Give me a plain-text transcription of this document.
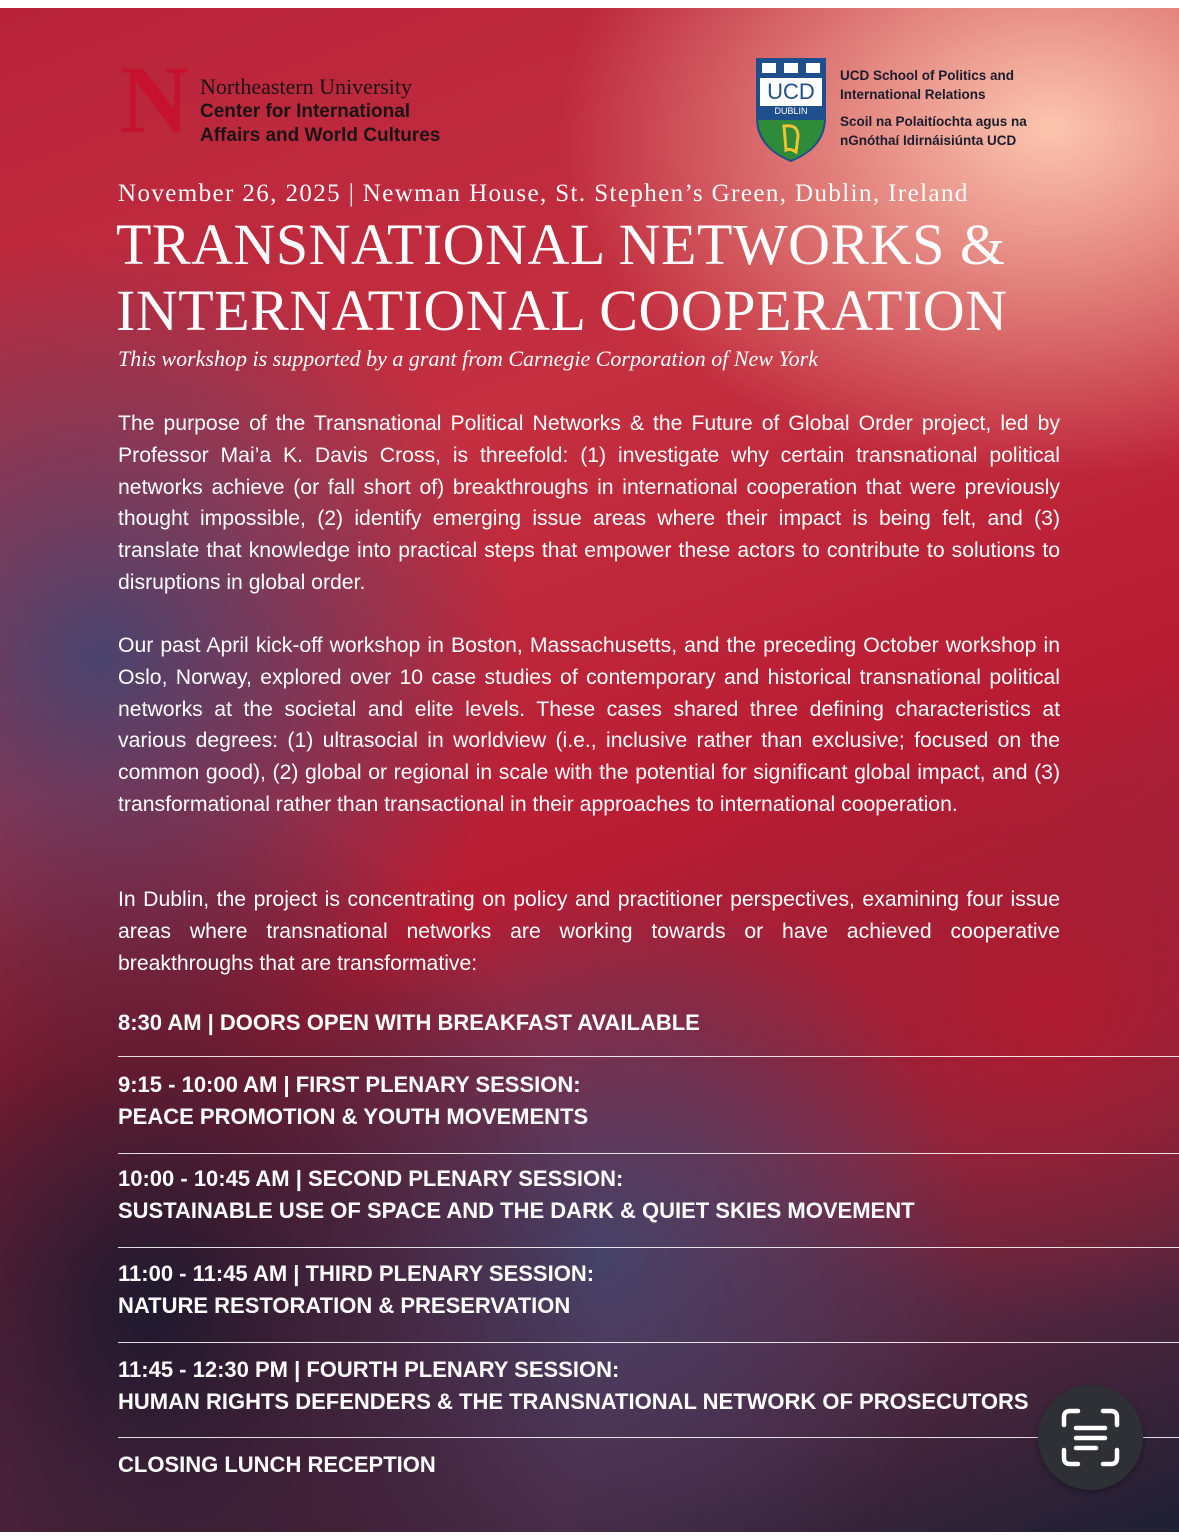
N Northeastern University
Center for International
Affairs and World Cultures
UCD
DUBLIN
UCD School of Politics and
International Relations
Scoil na Polaitíochta agus na
nGnóthaí Idirnáisiúnta UCD
November 26, 2025 | Newman House, St. Stephen’s Green, Dublin, Ireland
TRANSNATIONAL NETWORKS &
INTERNATIONAL COOPERATION
This workshop is supported by a grant from Carnegie Corporation of New York

The purpose of the Transnational Political Networks & the Future of Global Order project, led by Professor Mai’a K. Davis Cross, is threefold: (1) investigate why certain transnational political networks achieve (or fall short of) breakthroughs in international cooperation that were previously thought impossible, (2) identify emerging issue areas where their impact is being felt, and (3) translate that knowledge into practical steps that empower these actors to contribute to solutions to disruptions in global order.

Our past April kick-off workshop in Boston, Massachusetts, and the preceding October workshop in Oslo, Norway, explored over 10 case studies of contemporary and historical transnational political networks at the societal and elite levels. These cases shared three defining characteristics at various degrees: (1) ultrasocial in worldview (i.e., inclusive rather than exclusive; focused on the common good), (2) global or regional in scale with the potential for significant global impact, and (3) transformational rather than transactional in their approaches to international cooperation.

In Dublin, the project is concentrating on policy and practitioner perspectives, examining four issue areas where transnational networks are working towards or have achieved cooperative breakthroughs that are transformative:

8:30 AM | DOORS OPEN WITH BREAKFAST AVAILABLE
9:15 - 10:00 AM | FIRST PLENARY SESSION:
PEACE PROMOTION & YOUTH MOVEMENTS
10:00 - 10:45 AM | SECOND PLENARY SESSION:
SUSTAINABLE USE OF SPACE AND THE DARK & QUIET SKIES MOVEMENT
11:00 - 11:45 AM | THIRD PLENARY SESSION:
NATURE RESTORATION & PRESERVATION
11:45 - 12:30 PM | FOURTH PLENARY SESSION:
HUMAN RIGHTS DEFENDERS & THE TRANSNATIONAL NETWORK OF PROSECUTORS
CLOSING LUNCH RECEPTION
